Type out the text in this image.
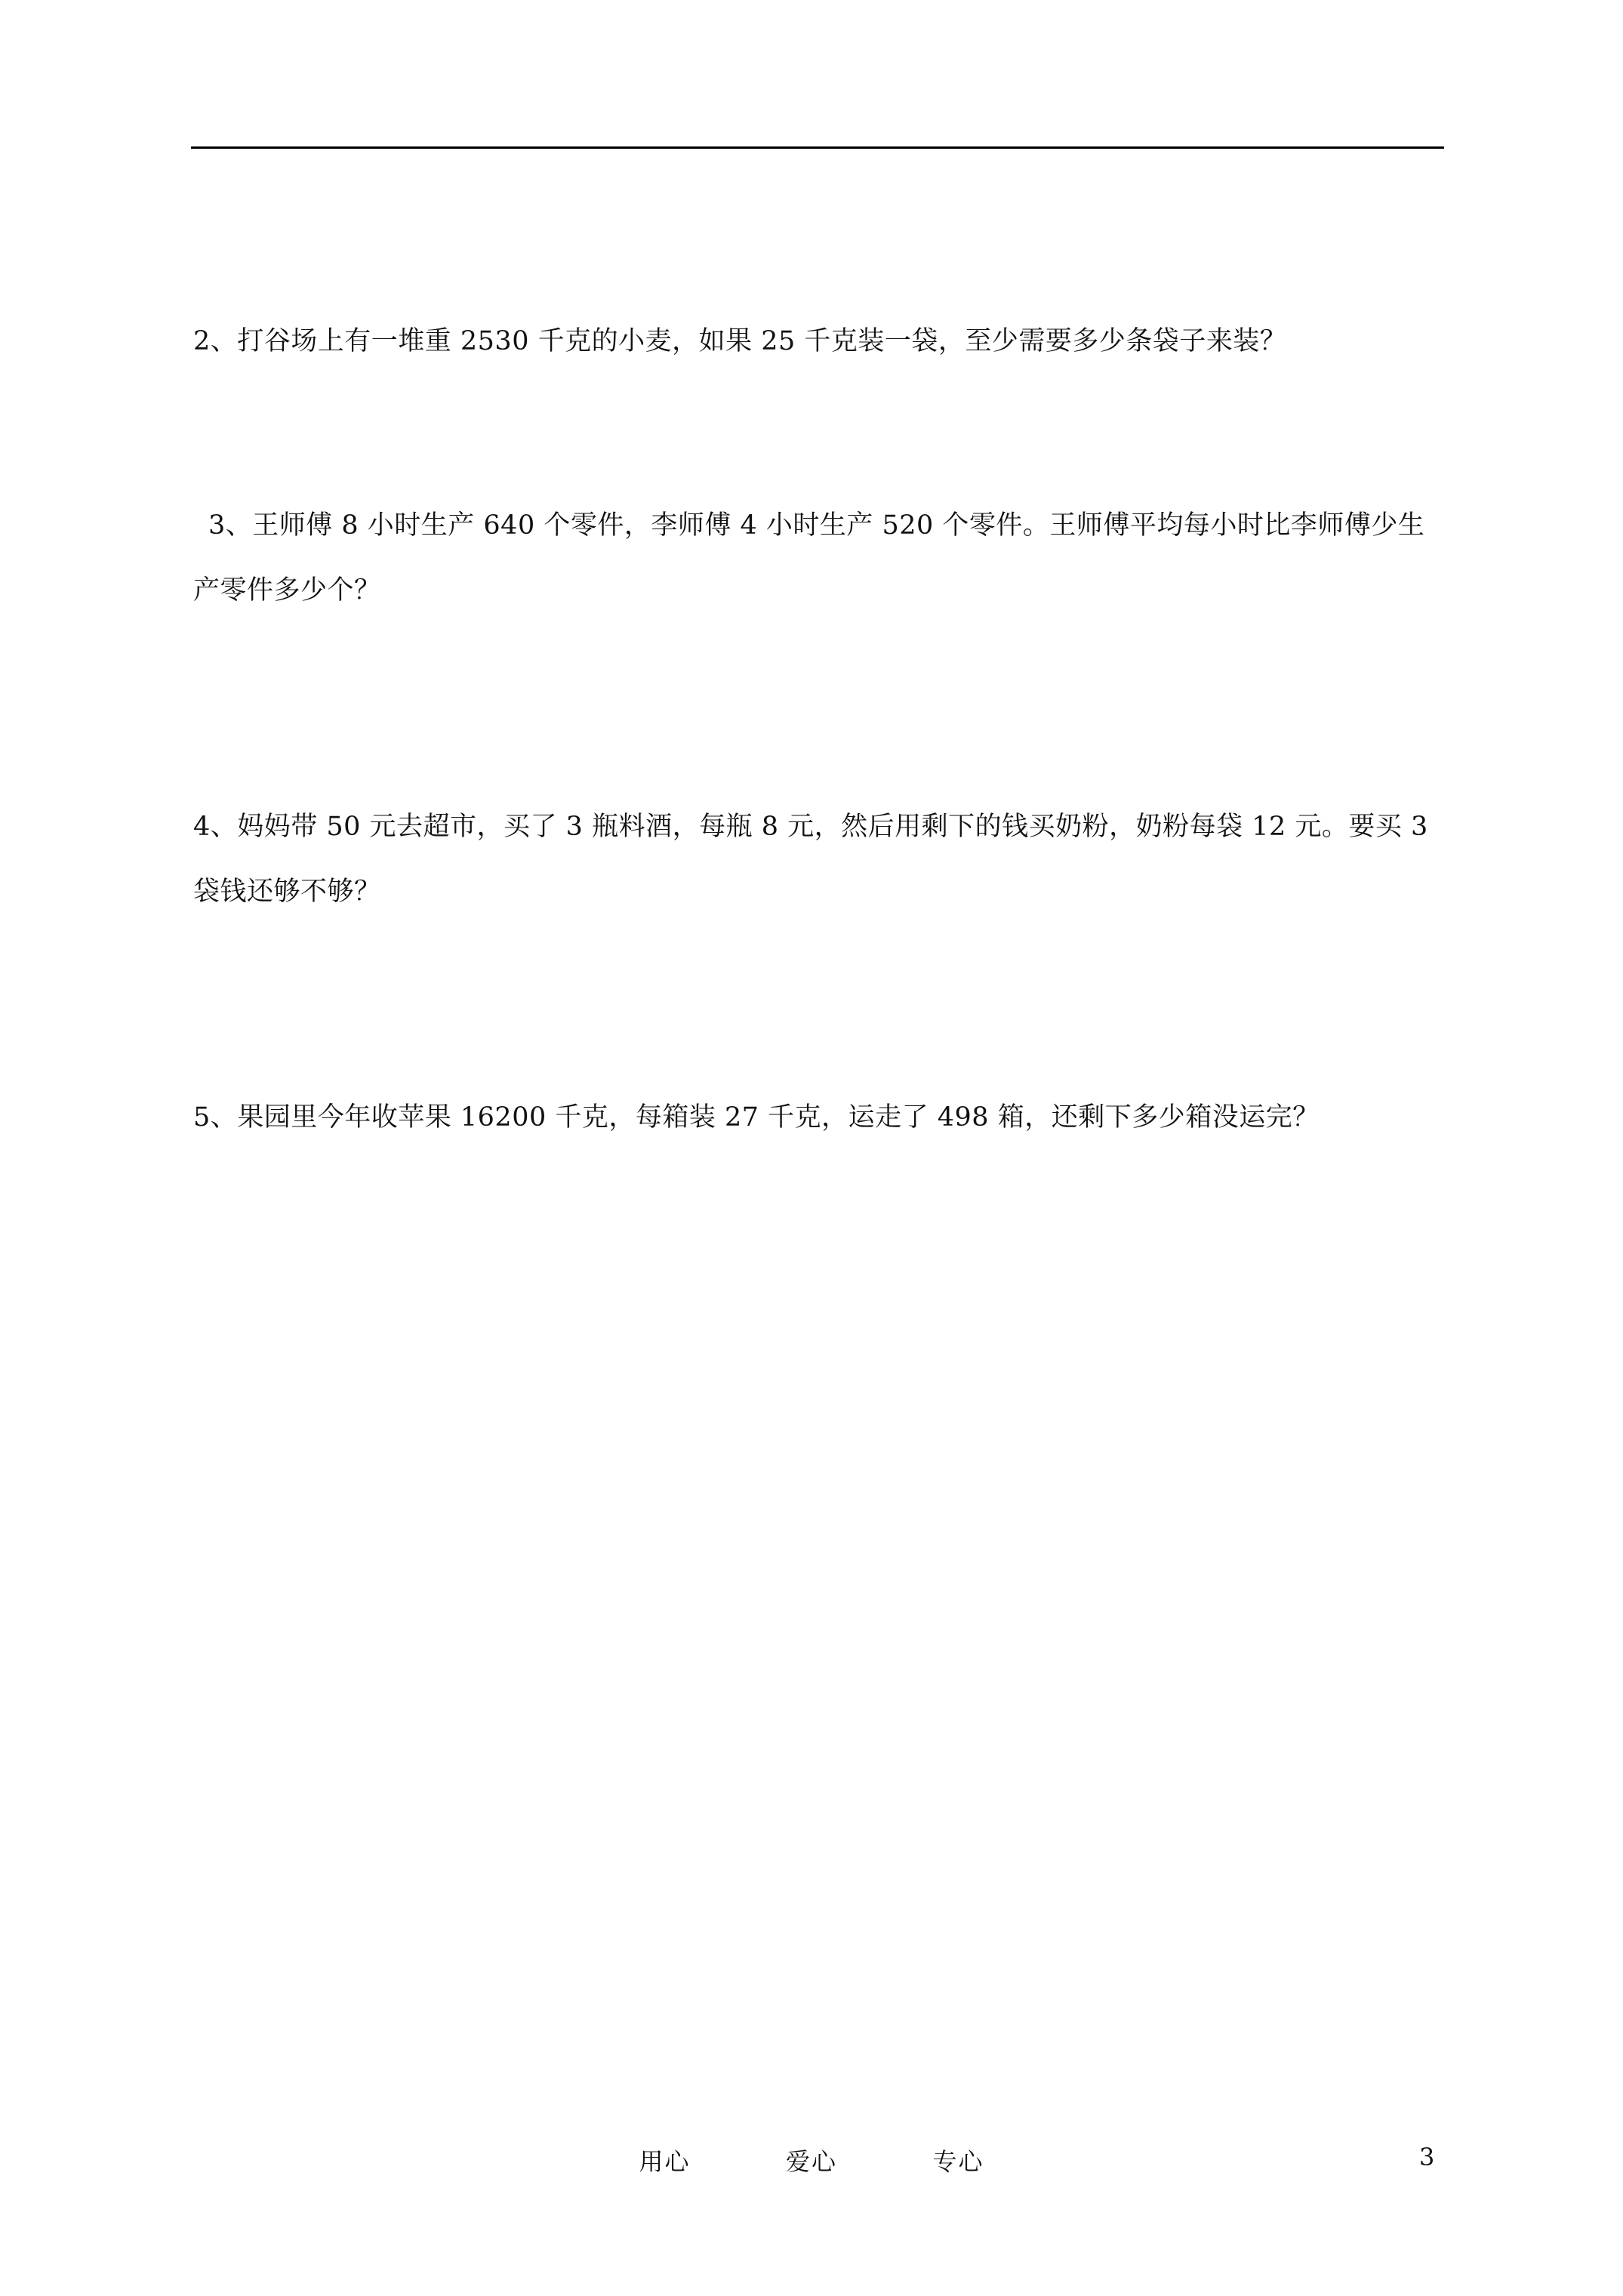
2、打谷场上有一堆重 2530 千克的小麦，如果 25 千克装一袋，至少需要多少条袋子来装？

3、王师傅 8 小时生产 640 个零件，李师傅 4 小时生产 520 个零件。王师傅平均每小时比李师傅少生产零件多少个？

4、妈妈带 50 元去超市，买了 3 瓶料酒，每瓶 8 元，然后用剩下的钱买奶粉，奶粉每袋 12 元。要买 3 袋钱还够不够？

5、果园里今年收苹果 16200 千克，每箱装 27 千克，运走了 498 箱，还剩下多少箱没运完？

用心   爱心   专心	3
